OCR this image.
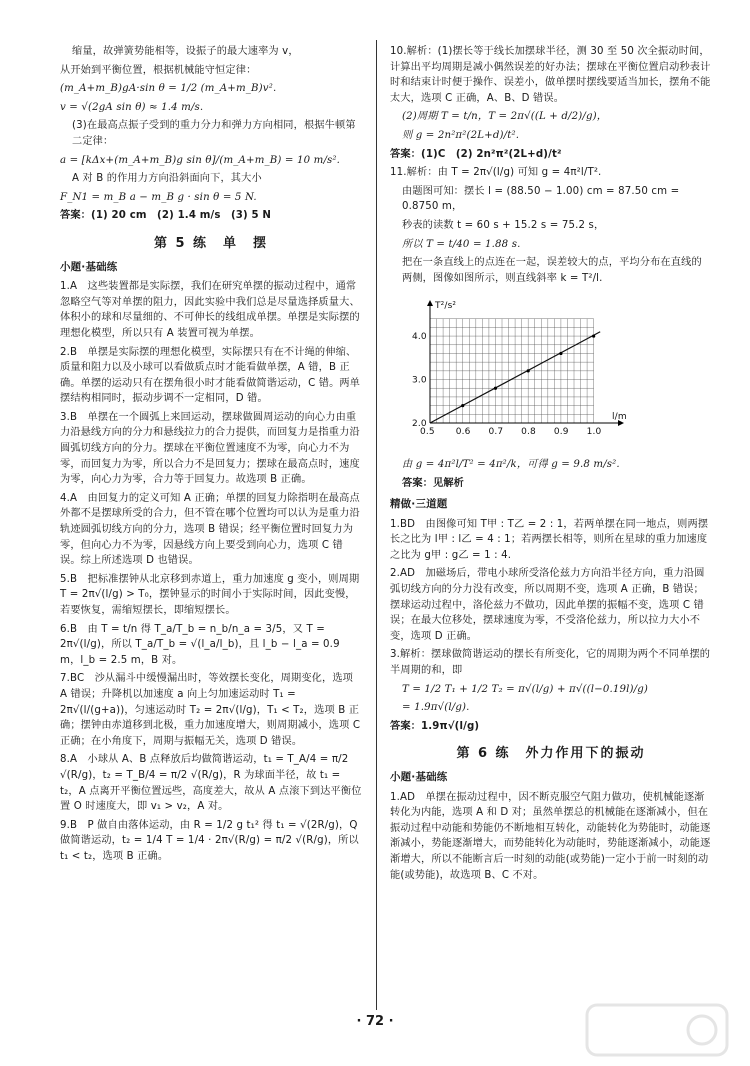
缩量，故弹簧势能相等，设振子的最大速率为 v，

从开始到平衡位置，根据机械能守恒定律：

(m_A+m_B)gA·sin θ = 1/2 (m_A+m_B)v².

v = √(2gA sin θ) ≈ 1.4 m/s.

(3)在最高点振子受到的重力分力和弹力方向相同，根据牛顿第二定律：

a = [kΔx+(m_A+m_B)g sin θ]/(m_A+m_B) = 10 m/s².

A 对 B 的作用力方向沿斜面向下，其大小

F_N1 = m_B a − m_B g · sin θ = 5 N.

答案：(1) 20 cm　(2) 1.4 m/s　(3) 5 N

第 5 练　单　摆
小题·基础练

1.A　这些装置都是实际摆，我们在研究单摆的振动过程中，通常忽略空气等对单摆的阻力，因此实验中我们总是尽量选择质量大、体积小的球和尽量细的、不可伸长的线组成单摆。单摆是实际摆的理想化模型，所以只有 A 装置可视为单摆。

2.B　单摆是实际摆的理想化模型，实际摆只有在不计绳的伸缩、质量和阻力以及小球可以看做质点时才能看做单摆，A 错，B 正确。单摆的运动只有在摆角很小时才能看做简谐运动，C 错。两单摆结构相同时，振动步调不一定相同，D 错。

3.B　单摆在一个圆弧上来回运动，摆球做圆周运动的向心力由重力沿悬线方向的分力和悬线拉力的合力提供，而回复力是指重力沿圆弧切线方向的分力。摆球在平衡位置速度不为零，向心力不为零，而回复力为零，所以合力不是回复力；摆球在最高点时，速度为零，向心力为零，合力等于回复力。故选项 B 正确。

4.A　由回复力的定义可知 A 正确；单摆的回复力除指明在最高点外都不是摆球所受的合力，但不管在哪个位置均可以认为是重力沿轨迹圆弧切线方向的分力，选项 B 错误；经平衡位置时回复力为零，但向心力不为零，因悬线方向上要受到向心力，选项 C 错误。综上所述选项 D 也错误。

5.B　把标准摆钟从北京移到赤道上，重力加速度 g 变小，则周期 T = 2π√(l/g) > T₀，摆钟显示的时间小于实际时间，因此变慢，若要恢复，需缩短摆长，即缩短摆长。

6.B　由 T = t/n 得 T_a/T_b = n_b/n_a = 3/5，又 T = 2π√(l/g)，所以 T_a/T_b = √(l_a/l_b)，且 l_b − l_a = 0.9 m，l_b = 2.5 m，B 对。

7.BC　沙从漏斗中缓慢漏出时，等效摆长变化，周期变化，选项 A 错误；升降机以加速度 a 向上匀加速运动时 T₁ = 2π√(l/(g+a))，匀速运动时 T₂ = 2π√(l/g)，T₁ < T₂，选项 B 正确；摆钟由赤道移到北极，重力加速度增大，则周期减小，选项 C 正确；在小角度下，周期与振幅无关，选项 D 错误。

8.A　小球从 A、B 点释放后均做简谐运动，t₁ = T_A/4 = π/2 √(R/g)，t₂ = T_B/4 = π/2 √(R/g)，R 为球面半径，故 t₁ = t₂，A 点离开平衡位置远些，高度差大，故从 A 点滚下到达平衡位置 O 时速度大，即 v₁ > v₂，A 对。

9.B　P 做自由落体运动，由 R = 1/2 g t₁² 得 t₁ = √(2R/g)，Q 做简谐运动，t₂ = 1/4 T = 1/4 · 2π√(R/g) = π/2 √(R/g)，所以 t₁ < t₂，选项 B 正确。

10.解析：(1)摆长等于线长加摆球半径，测 30 至 50 次全振动时间，计算出平均周期是减小偶然误差的好办法；摆球在平衡位置启动秒表计时和结束计时便于操作、误差小，做单摆时摆线要适当加长，摆角不能太大，选项 C 正确，A、B、D 错误。

(2)周期 T = t/n，T = 2π√((L + d/2)/g)，

则 g = 2n²π²(2L+d)/t².

答案：(1)C　(2) 2n²π²(2L+d)/t²

11.解析：由 T = 2π√(l/g) 可知 g = 4π²l/T².

由题图可知：摆长 l = (88.50 − 1.00) cm = 87.50 cm = 0.8750 m，

秒表的读数 t = 60 s + 15.2 s = 75.2 s，

所以 T = t/40 = 1.88 s.

把在一条直线上的点连在一起，误差较大的点，平均分布在直线的两侧，图像如图所示，则直线斜率 k = T²/l.

T²/s²
l/m
0.6 0.7 0.8 0.9 1.0
0.5
2.0
3.0
4.0

由 g = 4π²l/T² = 4π²/k，可得 g = 9.8 m/s².

答案：见解析

精做·三道题

1.BD　由图像可知 T甲 : T乙 = 2 : 1，若两单摆在同一地点，则两摆长之比为 l甲 : l乙 = 4 : 1；若两摆长相等，则所在星球的重力加速度之比为 g甲 : g乙 = 1 : 4.

2.AD　加磁场后，带电小球所受洛伦兹力方向沿半径方向，重力沿圆弧切线方向的分力没有改变，所以周期不变，选项 A 正确，B 错误；摆球运动过程中，洛伦兹力不做功，因此单摆的振幅不变，选项 C 错误；在最大位移处，摆球速度为零，不受洛伦兹力，所以拉力大小不变，选项 D 正确。

3.解析：摆球做简谐运动的摆长有所变化，它的周期为两个不同单摆的半周期的和，即

T = 1/2 T₁ + 1/2 T₂ = π√(l/g) + π√((l−0.19l)/g)

= 1.9π√(l/g).

答案：1.9π√(l/g)

第 6 练　外力作用下的振动
小题·基础练

1.AD　单摆在振动过程中，因不断克服空气阻力做功，使机械能逐渐转化为内能，选项 A 和 D 对；虽然单摆总的机械能在逐渐减小，但在振动过程中动能和势能仍不断地相互转化，动能转化为势能时，动能逐渐减小，势能逐渐增大，而势能转化为动能时，势能逐渐减小，动能逐渐增大，所以不能断言后一时刻的动能(或势能)一定小于前一时刻的动能(或势能)，故选项 B、C 不对。

· 72 ·
